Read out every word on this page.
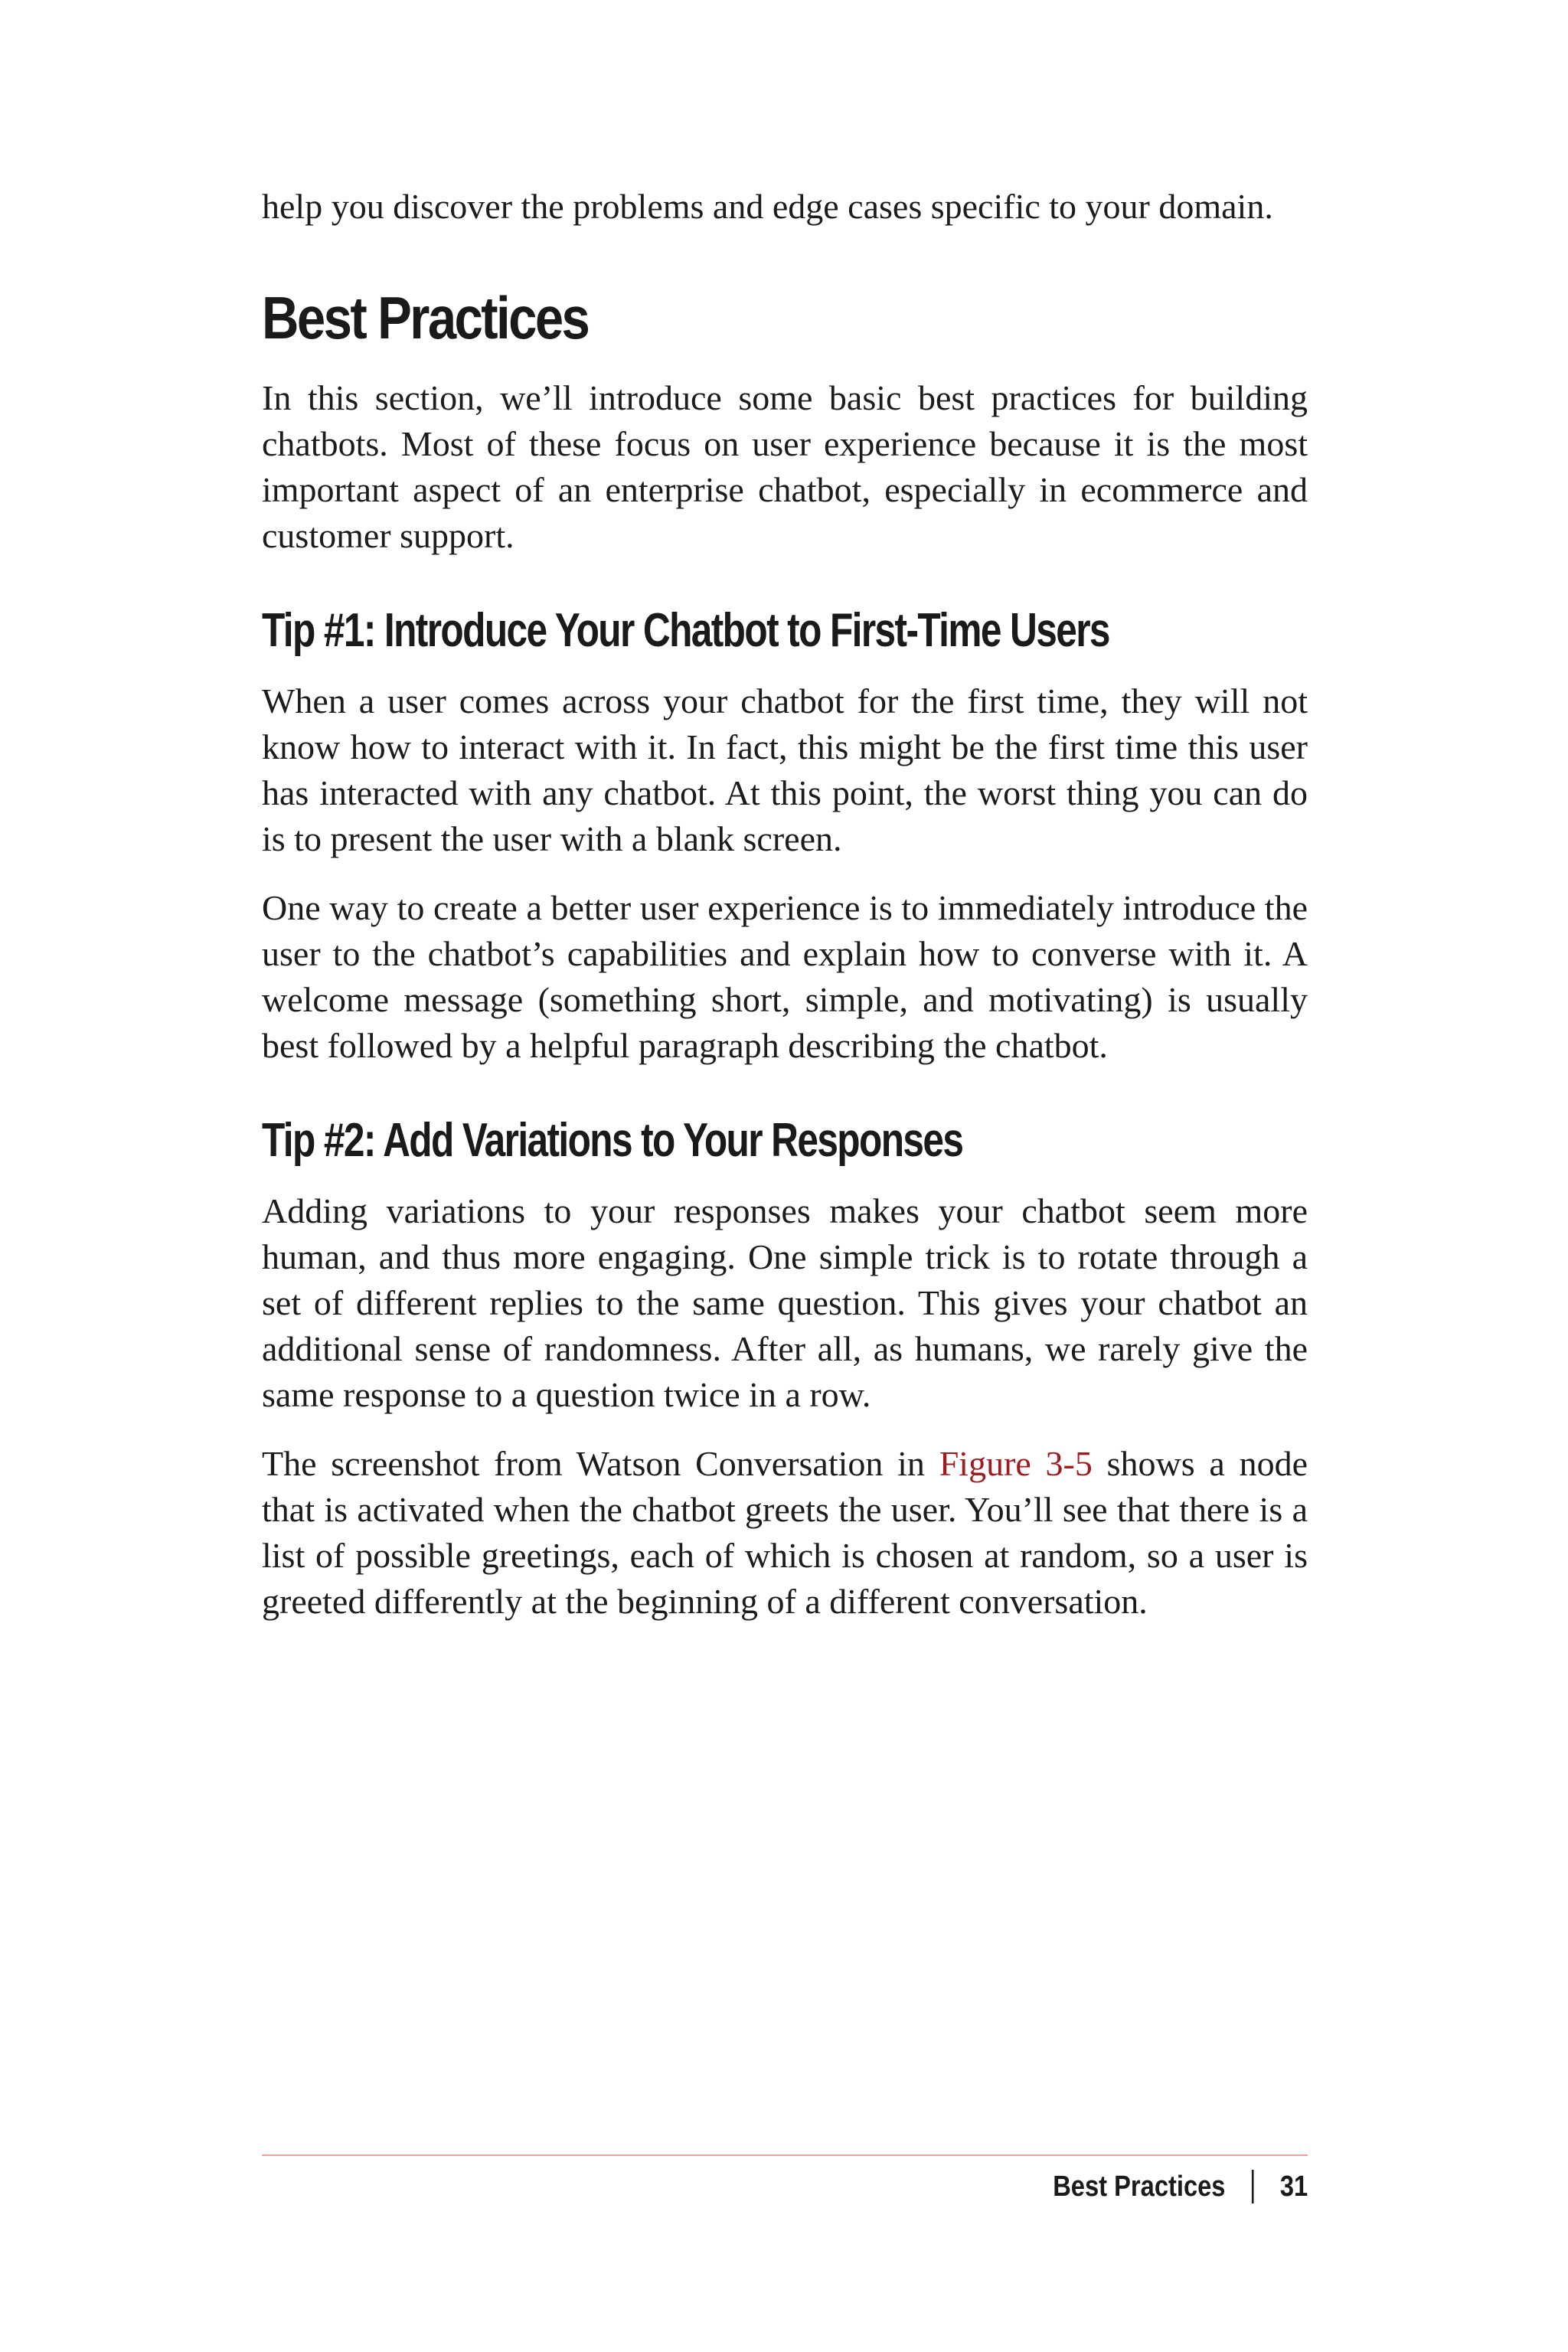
help you discover the problems and edge cases specific to your domain.

Best Practices

In this section, we’ll introduce some basic best practices for building chatbots. Most of these focus on user experience because it is the most important aspect of an enterprise chatbot, especially in ecommerce and customer support.

Tip #1: Introduce Your Chatbot to First-Time Users

When a user comes across your chatbot for the first time, they will not know how to interact with it. In fact, this might be the first time this user has interacted with any chatbot. At this point, the worst thing you can do is to present the user with a blank screen.

One way to create a better user experience is to immediately introduce the user to the chatbot’s capabilities and explain how to converse with it. A welcome message (something short, simple, and motivating) is usually best followed by a helpful paragraph describing the chatbot.

Tip #2: Add Variations to Your Responses

Adding variations to your responses makes your chatbot seem more human, and thus more engaging. One simple trick is to rotate through a set of different replies to the same question. This gives your chatbot an additional sense of randomness. After all, as humans, we rarely give the same response to a question twice in a row.

The screenshot from Watson Conversation in Figure 3-5 shows a node that is activated when the chatbot greets the user. You’ll see that there is a list of possible greetings, each of which is chosen at random, so a user is greeted differently at the beginning of a different conversation.

Best Practices 31
